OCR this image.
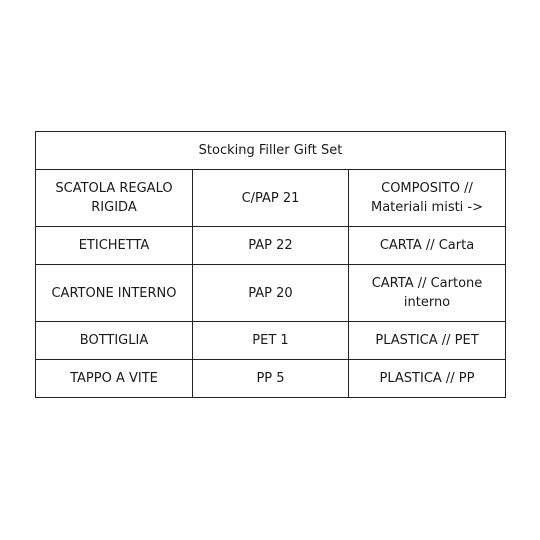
Stocking Filler Gift Set		
SCATOLA REGALO RIGIDA	C/PAP 21	COMPOSITO // Materiali misti ->
ETICHETTA	PAP 22	CARTA // Carta
CARTONE INTERNO	PAP 20	CARTA // Cartone interno
BOTTIGLIA	PET 1	PLASTICA // PET
TAPPO A VITE	PP 5	PLASTICA // PP
